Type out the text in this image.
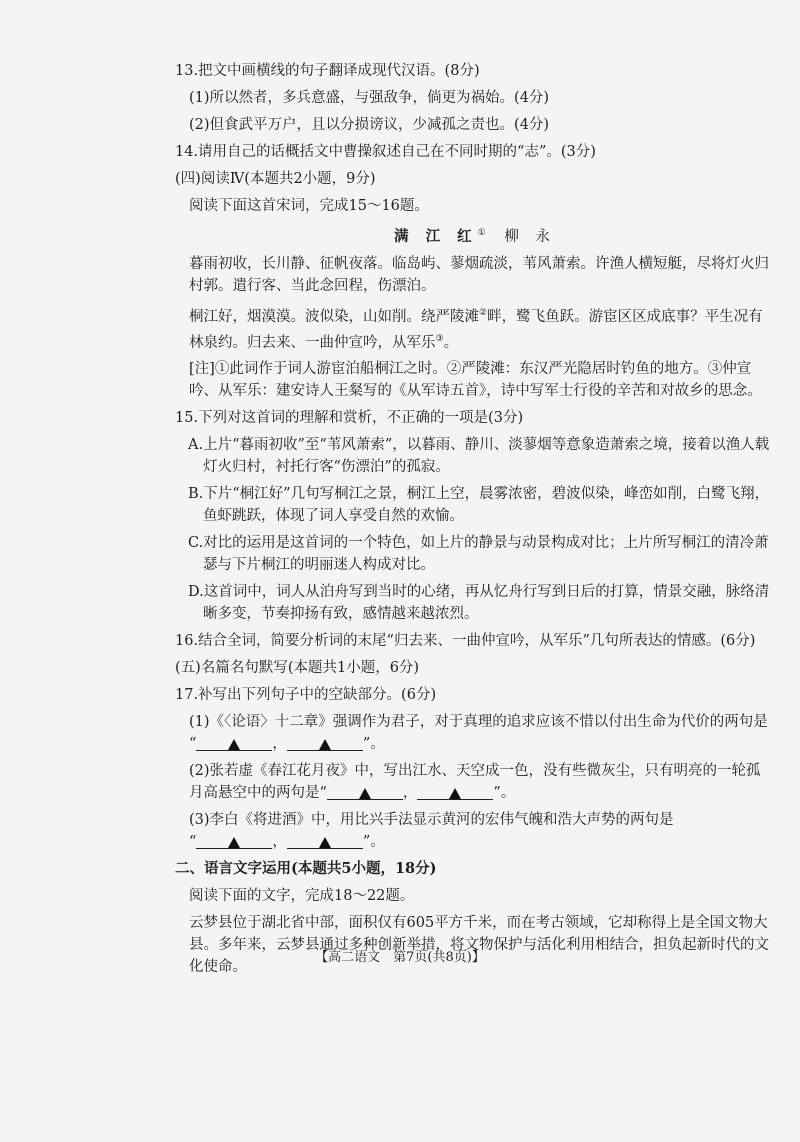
13.把文中画横线的句子翻译成现代汉语。(8分)

(1)所以然者，多兵意盛，与强敌争，倘更为祸始。(4分)

(2)但食武平万户，且以分损谤议，少减孤之责也。(4分)

14.请用自己的话概括文中曹操叙述自己在不同时期的“志”。(3分)

(四)阅读Ⅳ(本题共2小题，9分)

阅读下面这首宋词，完成15～16题。

满 江 红① 柳 永

暮雨初收，长川静、征帆夜落。临岛屿、蓼烟疏淡，苇风萧索。许渔人横短艇，尽将灯火归村郭。遣行客、当此念回程，伤漂泊。

桐江好，烟漠漠。波似染，山如削。绕严陵滩②畔，鹭飞鱼跃。游宦区区成底事？平生况有林泉约。归去来、一曲仲宣吟，从军乐③。

[注]①此词作于词人游宦泊船桐江之时。②严陵滩：东汉严光隐居时钓鱼的地方。③仲宣吟、从军乐：建安诗人王粲写的《从军诗五首》，诗中写军士行役的辛苦和对故乡的思念。

15.下列对这首词的理解和赏析，不正确的一项是(3分)

A.上片“暮雨初收”至“苇风萧索”，以暮雨、静川、淡蓼烟等意象造萧索之境，接着以渔人载灯火归村，衬托行客“伤漂泊”的孤寂。

B.下片“桐江好”几句写桐江之景，桐江上空，晨雾浓密，碧波似染，峰峦如削，白鹭飞翔，鱼虾跳跃，体现了词人享受自然的欢愉。

C.对比的运用是这首词的一个特色，如上片的静景与动景构成对比；上片所写桐江的清冷萧瑟与下片桐江的明丽迷人构成对比。

D.这首词中，词人从泊舟写到当时的心绪，再从忆舟行写到日后的打算，情景交融，脉络清晰多变，节奏抑扬有致，感情越来越浓烈。

16.结合全词，简要分析词的末尾“归去来、一曲仲宣吟，从军乐”几句所表达的情感。(6分)

(五)名篇名句默写(本题共1小题，6分)

17.补写出下列句子中的空缺部分。(6分)

(1)《〈论语〉十二章》强调作为君子，对于真理的追求应该不惜以付出生命为代价的两句是
“	，	”。

(2)张若虚《春江花月夜》中，写出江水、天空成一色，没有些微灰尘，只有明亮的一轮孤月高悬空中的两句是“	，	”。

(3)李白《将进酒》中，用比兴手法显示黄河的宏伟气魄和浩大声势的两句是
“	，	”。

二、语言文字运用(本题共5小题，18分)

阅读下面的文字，完成18～22题。

云梦县位于湖北省中部，面积仅有605平方千米，而在考古领域，它却称得上是全国文物大县。多年来，云梦县通过多种创新举措，将文物保护与活化利用相结合，担负起新时代的文化使命。

【高二语文　第7页(共8页)】
